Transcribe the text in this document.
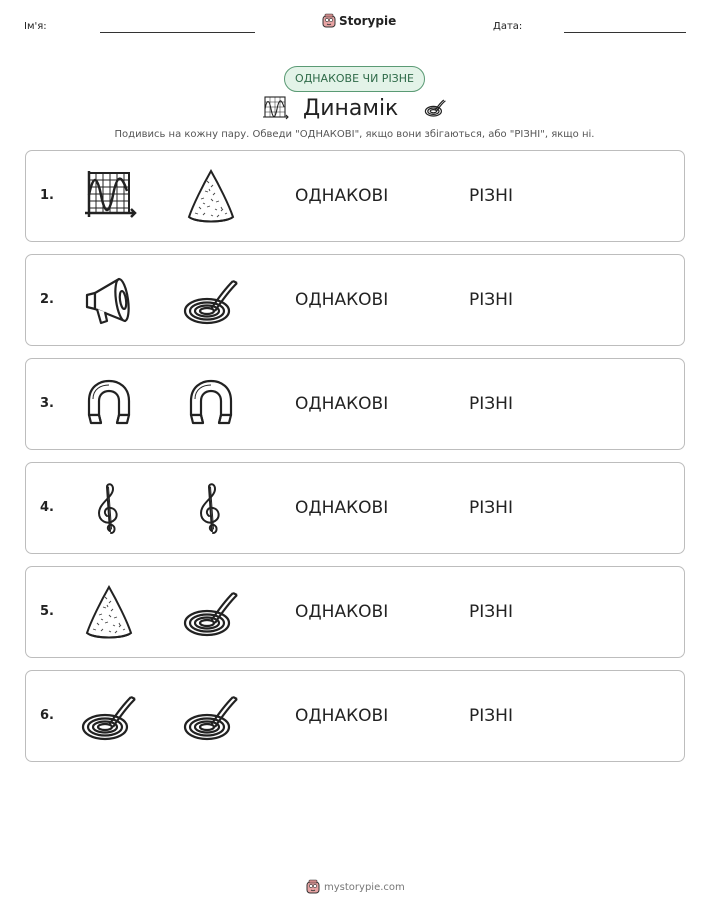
Ім'я:	Storypie	Дата:
ОДНАКОВЕ ЧИ РІЗНЕ
Динамік
Подивись на кожну пару. Обведи "ОДНАКОВІ", якщо вони збігаються, або "РІЗНІ", якщо ні.
1.	ОДНАКОВІ	РІЗНІ
2.	ОДНАКОВІ	РІЗНІ
3.	ОДНАКОВІ	РІЗНІ
4.	ОДНАКОВІ	РІЗНІ
5.	ОДНАКОВІ	РІЗНІ
6.	ОДНАКОВІ	РІЗНІ
mystorypie.com
